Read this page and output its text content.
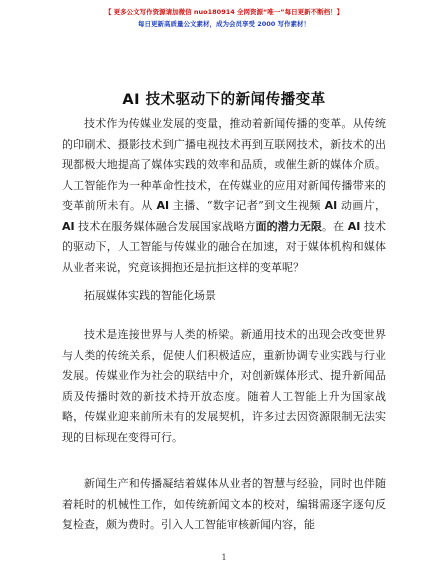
【 更多公文写作资源请加微信 nuo180914 全网资源“唯一”每日更新不断档！】
每日更新高质量公文素材，成为会员享受 2000 写作素材！
AI 技术驱动下的新闻传播变革

技术作为传媒业发展的变量，推动着新闻传播的变革。从传统的印刷术、摄影技术到广播电视技术再到互联网技术，新技术的出现都极大地提高了媒体实践的效率和品质，或催生新的媒体介质。人工智能作为一种革命性技术，在传媒业的应用对新闻传播带来的变革前所未有。从 AI 主播、“数字记者”到文生视频 AI 动画片，AI 技术在服务媒体融合发展国家战略方面的潜力无限。在 AI 技术的驱动下，人工智能与传媒业的融合在加速，对于媒体机构和媒体从业者来说，究竟该拥抱还是抗拒这样的变革呢？

拓展媒体实践的智能化场景

技术是连接世界与人类的桥梁。新通用技术的出现会改变世界与人类的传统关系，促使人们积极适应，重新协调专业实践与行业发展。传媒业作为社会的联结中介，对创新媒体形式、提升新闻品质及传播时效的新技术持开放态度。随着人工智能上升为国家战略，传媒业迎来前所未有的发展契机，许多过去因资源限制无法实现的目标现在变得可行。

新闻生产和传播凝结着媒体从业者的智慧与经验，同时也伴随着耗时的机械性工作，如传统新闻文本的校对，编辑需逐字逐句反复检查，颇为费时。引入人工智能审核新闻内容，能

1
